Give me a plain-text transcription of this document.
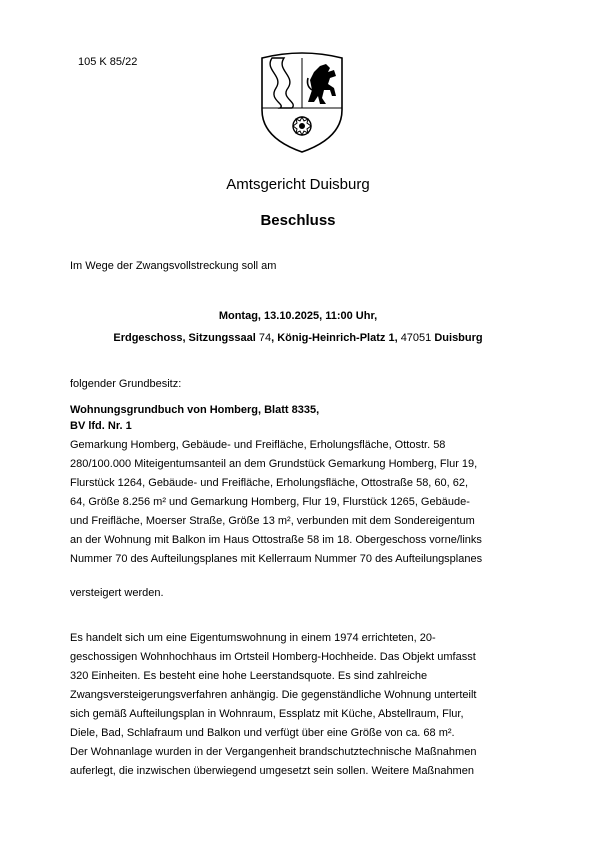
105 K 85/22
Amtsgericht Duisburg
Beschluss
Im Wege der Zwangsvollstreckung soll am
Montag, 13.10.2025, 11:00 Uhr,
Erdgeschoss, Sitzungssaal 74, König-Heinrich-Platz 1, 47051 Duisburg
folgender Grundbesitz:
Wohnungsgrundbuch von Homberg, Blatt 8335,
BV lfd. Nr. 1
Gemarkung Homberg, Gebäude- und Freifläche, Erholungsfläche, Ottostr. 58
280/100.000 Miteigentumsanteil an dem Grundstück Gemarkung Homberg, Flur 19,
Flurstück 1264, Gebäude- und Freifläche, Erholungsfläche, Ottostraße 58, 60, 62,
64, Größe 8.256 m² und Gemarkung Homberg, Flur 19, Flurstück 1265, Gebäude-
und Freifläche, Moerser Straße, Größe 13 m², verbunden mit dem Sondereigentum
an der Wohnung mit Balkon im Haus Ottostraße 58 im 18. Obergeschoss vorne/links
Nummer 70 des Aufteilungsplanes mit Kellerraum Nummer 70 des Aufteilungsplanes
versteigert werden.
Es handelt sich um eine Eigentumswohnung in einem 1974 errichteten, 20-
geschossigen Wohnhochhaus im Ortsteil Homberg-Hochheide. Das Objekt umfasst
320 Einheiten. Es besteht eine hohe Leerstandsquote. Es sind zahlreiche
Zwangsversteigerungsverfahren anhängig. Die gegenständliche Wohnung unterteilt
sich gemäß Aufteilungsplan in Wohnraum, Essplatz mit Küche, Abstellraum, Flur,
Diele, Bad, Schlafraum und Balkon und verfügt über eine Größe von ca. 68 m².
Der Wohnanlage wurden in der Vergangenheit brandschutztechnische Maßnahmen
auferlegt, die inzwischen überwiegend umgesetzt sein sollen. Weitere Maßnahmen
